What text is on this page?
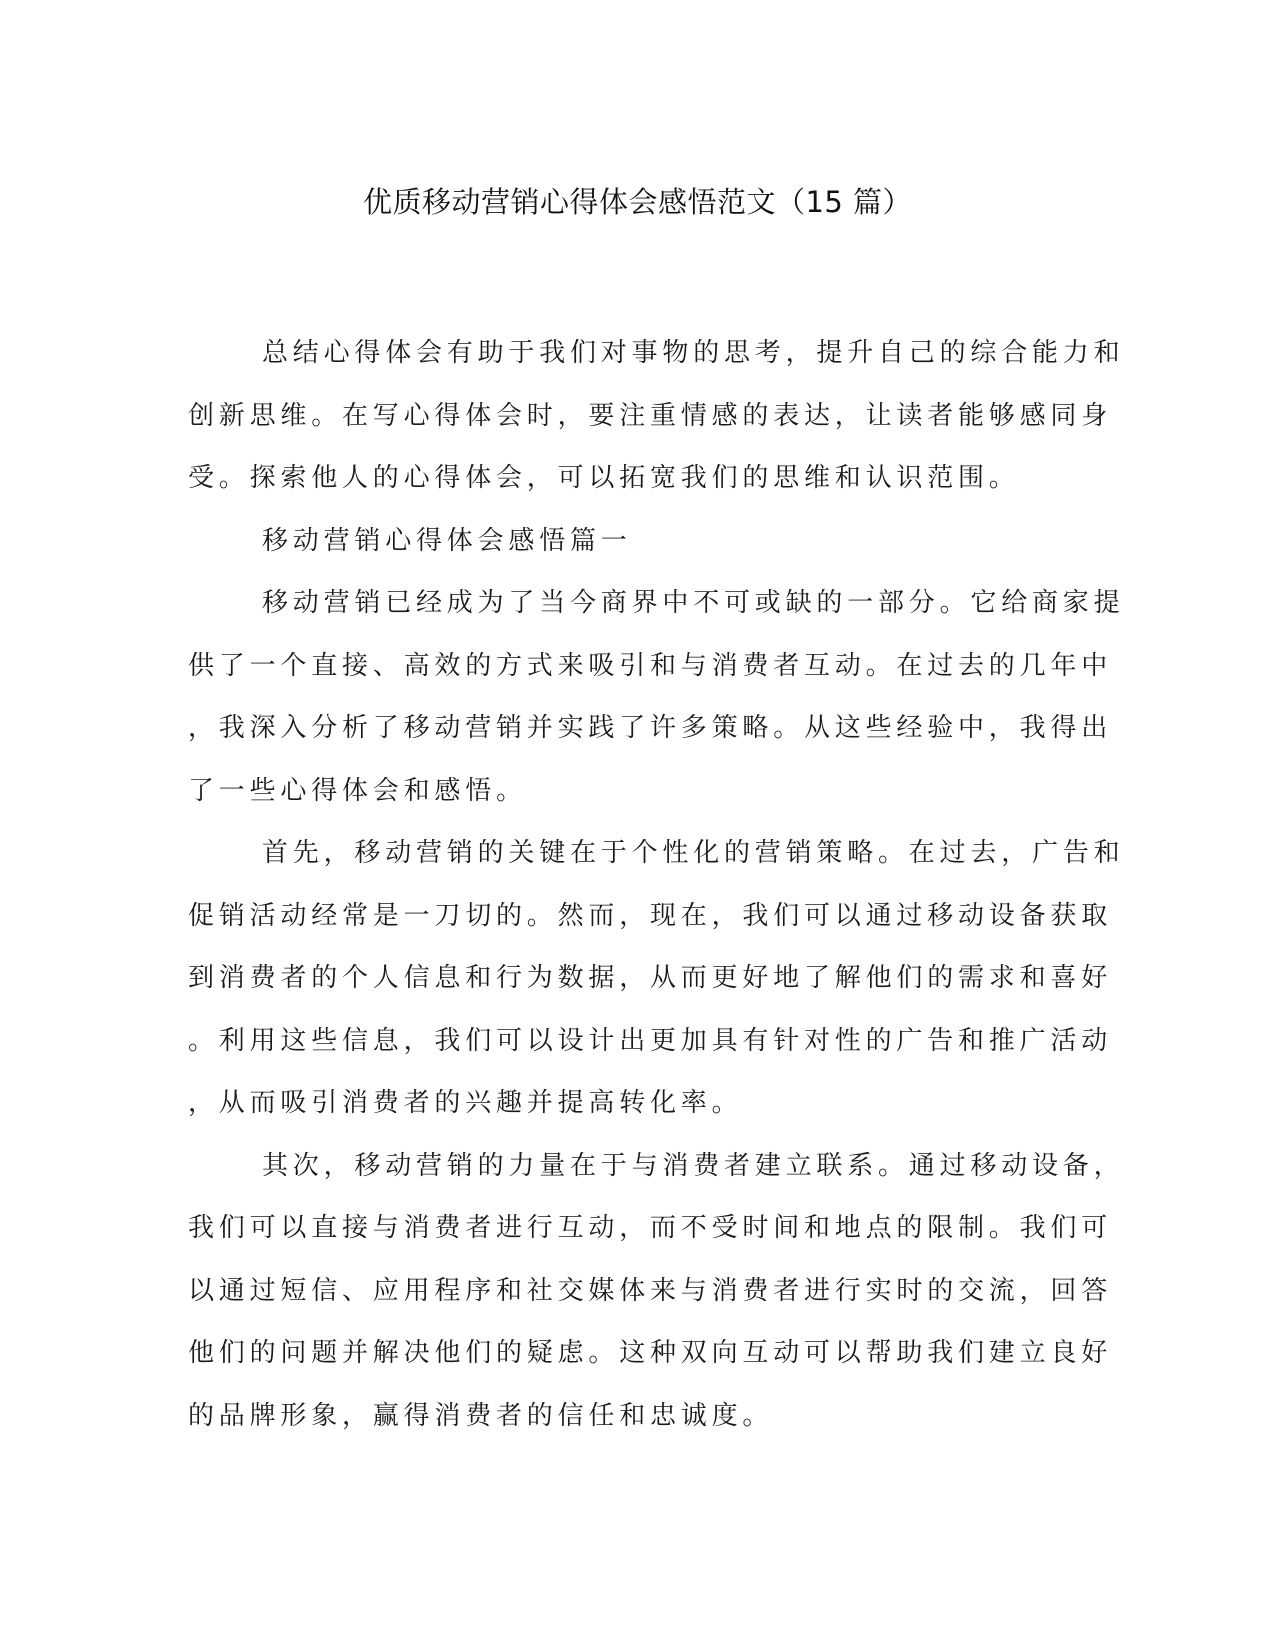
优质移动营销心得体会感悟范文（15 篇）
总结心得体会有助于我们对事物的思考，提升自己的综合能力和
创新思维。在写心得体会时，要注重情感的表达，让读者能够感同身
受。探索他人的心得体会，可以拓宽我们的思维和认识范围。
移动营销心得体会感悟篇一
移动营销已经成为了当今商界中不可或缺的一部分。它给商家提
供了一个直接、高效的方式来吸引和与消费者互动。在过去的几年中
，我深入分析了移动营销并实践了许多策略。从这些经验中，我得出
了一些心得体会和感悟。
首先，移动营销的关键在于个性化的营销策略。在过去，广告和
促销活动经常是一刀切的。然而，现在，我们可以通过移动设备获取
到消费者的个人信息和行为数据，从而更好地了解他们的需求和喜好
。利用这些信息，我们可以设计出更加具有针对性的广告和推广活动
，从而吸引消费者的兴趣并提高转化率。
其次，移动营销的力量在于与消费者建立联系。通过移动设备，
我们可以直接与消费者进行互动，而不受时间和地点的限制。我们可
以通过短信、应用程序和社交媒体来与消费者进行实时的交流，回答
他们的问题并解决他们的疑虑。这种双向互动可以帮助我们建立良好
的品牌形象，赢得消费者的信任和忠诚度。
